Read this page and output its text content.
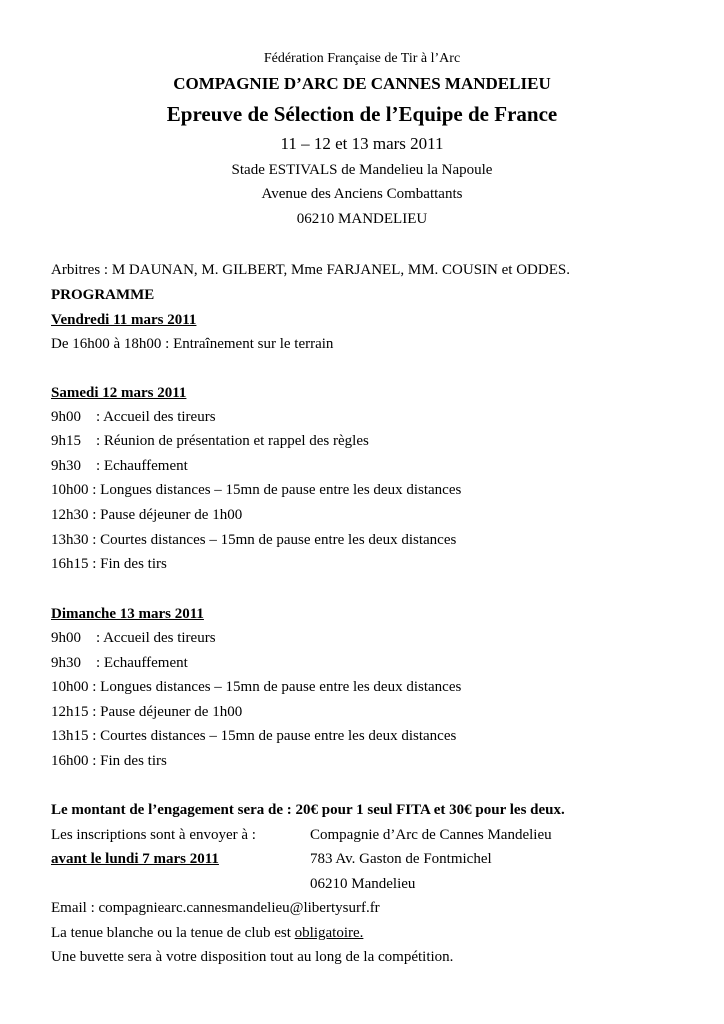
Fédération Française de Tir à l’Arc
COMPAGNIE D’ARC DE CANNES MANDELIEU
Epreuve de Sélection de l’Equipe de France
11 – 12 et 13 mars 2011
Stade ESTIVALS de Mandelieu la Napoule
Avenue des Anciens Combattants
06210 MANDELIEU
Arbitres : M DAUNAN, M. GILBERT, Mme FARJANEL, MM. COUSIN et ODDES.
PROGRAMME
Vendredi 11 mars 2011
De 16h00 à 18h00 : Entraînement sur le terrain
Samedi 12 mars 2011
9h00 : Accueil des tireurs
9h15 : Réunion de présentation et rappel des règles
9h30 : Echauffement
10h00 : Longues distances – 15mn de pause entre les deux distances
12h30 : Pause déjeuner de 1h00
13h30 : Courtes distances – 15mn de pause entre les deux distances
16h15 : Fin des tirs
Dimanche 13 mars 2011
9h00 : Accueil des tireurs
9h30 : Echauffement
10h00 : Longues distances – 15mn de pause entre les deux distances
12h15 : Pause déjeuner de 1h00
13h15 : Courtes distances – 15mn de pause entre les deux distances
16h00 : Fin des tirs
Le montant de l’engagement sera de : 20€ pour 1 seul FITA et 30€ pour les deux.
Les inscriptions sont à envoyer à :	Compagnie d’Arc de Cannes Mandelieu
avant le lundi 7 mars 2011	783 Av. Gaston de Fontmichel
06210 Mandelieu
Email : compagniearc.cannesmandelieu@libertysurf.fr
La tenue blanche ou la tenue de club est obligatoire.
Une buvette sera à votre disposition tout au long de la compétition.
